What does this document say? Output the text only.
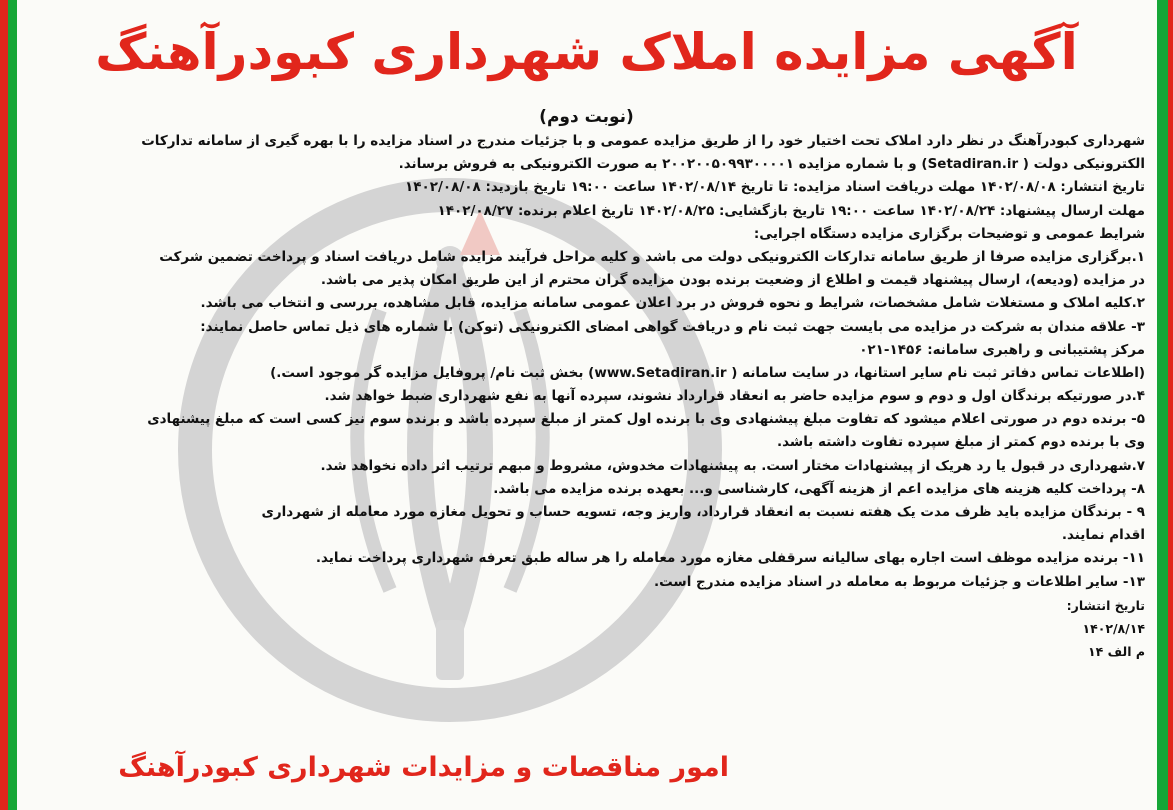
آگهی مزایده املاک شهرداری کبودرآهنگ
(نوبت دوم)
شهرداری کبودرآهنگ در نظر دارد املاک تحت اختیار خود را از طریق مزایده عمومی و با جزئیات مندرج در اسناد مزایده را با بهره گیری از سامانه تدارکات
الکترونیکی دولت ( Setadiran.ir) و با شماره مزایده ۲۰۰۲۰۰۵۰۹۹۳۰۰۰۰۱ به صورت الکترونیکی به فروش برساند.
تاریخ انتشار: ۱۴۰۲/۰۸/۰۸ مهلت دریافت اسناد مزایده: تا تاریخ ۱۴۰۲/۰۸/۱۴ ساعت ۱۹:۰۰ تاریخ بازدید: ۱۴۰۲/۰۸/۰۸
مهلت ارسال پیشنهاد: ۱۴۰۲/۰۸/۲۴ ساعت ۱۹:۰۰ تاریخ بازگشایی: ۱۴۰۲/۰۸/۲۵ تاریخ اعلام برنده: ۱۴۰۲/۰۸/۲۷
شرایط عمومی و توضیحات برگزاری مزایده دستگاه اجرایی:
۱.برگزاری مزایده صرفا از طریق سامانه تدارکات الکترونیکی دولت می باشد و کلیه مراحل فرآیند مزایده شامل دریافت اسناد و پرداخت تضمین شرکت
در مزایده (ودیعه)، ارسال پیشنهاد قیمت و اطلاع از وضعیت برنده بودن مزایده گران محترم از این طریق امکان پذیر می باشد.
۲.کلیه املاک و مستغلات شامل مشخصات، شرایط و نحوه فروش در برد اعلان عمومی سامانه مزایده، قابل مشاهده، بررسی و انتخاب می باشد.
۳- علاقه مندان به شرکت در مزایده می بایست جهت ثبت نام و دریافت گواهی امضای الکترونیکی (توکن) با شماره های ذیل تماس حاصل نمایند:
مرکز پشتیبانی و راهبری سامانه: ۱۴۵۶-۰۲۱
(اطلاعات تماس دفاتر ثبت نام سایر استانها، در سایت سامانه ( www.Setadiran.ir) بخش ثبت نام/ پروفایل مزایده گر موجود است.)
۴.در صورتیکه برندگان اول و دوم و سوم مزایده حاضر به انعقاد قرارداد نشوند، سپرده آنها به نفع شهرداری ضبط خواهد شد.
۵- برنده دوم در صورتی اعلام میشود که تفاوت مبلغ پیشنهادی وی با برنده اول کمتر از مبلغ سپرده باشد و برنده سوم نیز کسی است که مبلغ پیشنهادی
وی با برنده دوم کمتر از مبلغ سپرده تفاوت داشته باشد.
۷.شهرداری در قبول یا رد هریک از پیشنهادات مختار است. به پیشنهادات مخدوش، مشروط و مبهم ترتیب اثر داده نخواهد شد.
۸- پرداخت کلیه هزینه های مزایده اعم از هزینه آگهی، کارشناسی و... بعهده برنده مزایده می باشد.
۹ - برندگان مزایده باید ظرف مدت یک هفته نسبت به انعقاد قرارداد، واریز وجه، تسویه حساب و تحویل مغازه مورد معامله از شهرداری
اقدام نمایند.
۱۱- برنده مزایده موظف است اجاره بهای سالیانه سرقفلی مغازه مورد معامله را هر ساله طبق تعرفه شهرداری پرداخت نماید.
۱۳- سایر اطلاعات و جزئیات مربوط به معامله در اسناد مزایده مندرج است.
تاریخ انتشار:
۱۴۰۲/۸/۱۴
م الف ۱۴
امور مناقصات و مزایدات شهرداری کبودرآهنگ
